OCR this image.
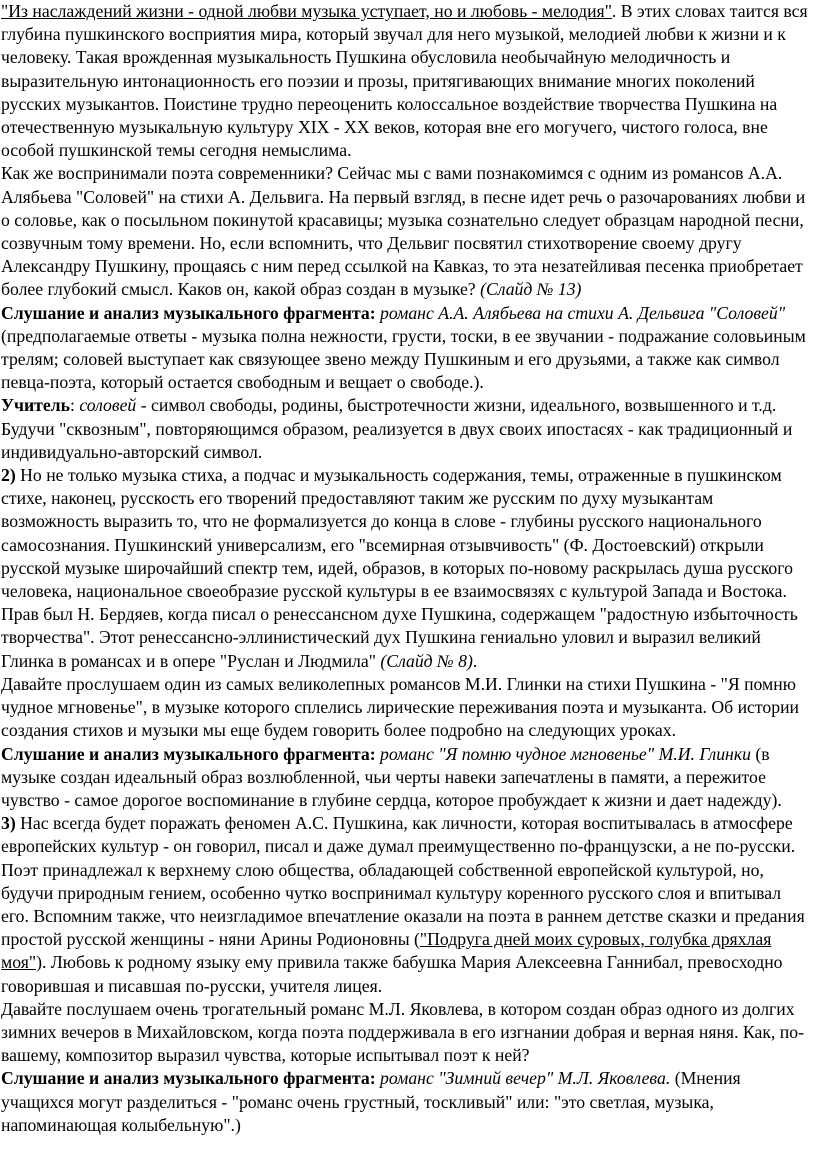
"Из наслаждений жизни - одной любви музыка уступает, но и любовь - мелодия". В этих словах таится вся глубина пушкинского восприятия мира, который звучал для него музыкой, мелодией любви к жизни и к человеку. Такая врожденная музыкальность Пушкина обусловила необычайную мелодичность и выразительную интонационность его поэзии и прозы, притягивающих внимание многих поколений русских музыкантов. Поистине трудно переоценить колоссальное воздействие творчества Пушкина на отечественную музыкальную культуру XIX - XX веков, которая вне его могучего, чистого голоса, вне особой пушкинской темы сегодня немыслима.

Как же воспринимали поэта современники? Сейчас мы с вами познакомимся с одним из романсов А.А. Алябьева "Соловей" на стихи А. Дельвига. На первый взгляд, в песне идет речь о разочарованиях любви и о соловье, как о посыльном покинутой красавицы; музыка сознательно следует образцам народной песни, созвучным тому времени. Но, если вспомнить, что Дельвиг посвятил стихотворение своему другу Александру Пушкину, прощаясь с ним перед ссылкой на Кавказ, то эта незатейливая песенка приобретает более глубокий смысл. Каков он, какой образ создан в музыке? (Слайд № 13)

Слушание и анализ музыкального фрагмента: романс А.А. Алябьева на стихи А. Дельвига "Соловей" (предполагаемые ответы - музыка полна нежности, грусти, тоски, в ее звучании - подражание соловьиным трелям; соловей выступает как связующее звено между Пушкиным и его друзьями, а также как символ певца-поэта, который остается свободным и вещает о свободе.).

Учитель: соловей - символ свободы, родины, быстротечности жизни, идеального, возвышенного и т.д. Будучи "сквозным", повторяющимся образом, реализуется в двух своих ипостасях - как традиционный и индивидуально-авторский символ.

2) Но не только музыка стиха, а подчас и музыкальность содержания, темы, отраженные в пушкинском стихе, наконец, русскость его творений предоставляют таким же русским по духу музыкантам возможность выразить то, что не формализуется до конца в слове - глубины русского национального самосознания. Пушкинский универсализм, его "всемирная отзывчивость" (Ф. Достоевский) открыли русской музыке широчайший спектр тем, идей, образов, в которых по-новому раскрылась душа русского человека, национальное своеобразие русской культуры в ее взаимосвязях с культурой Запада и Востока. Прав был Н. Бердяев, когда писал о ренессансном духе Пушкина, содержащем "радостную избыточность творчества". Этот ренессансно-эллинистический дух Пушкина гениально уловил и выразил великий Глинка в романсах и в опере "Руслан и Людмила" (Слайд № 8).

Давайте прослушаем один из самых великолепных романсов М.И. Глинки на стихи Пушкина - "Я помню чудное мгновенье", в музыке которого сплелись лирические переживания поэта и музыканта. Об истории создания стихов и музыки мы еще будем говорить более подробно на следующих уроках.

Слушание и анализ музыкального фрагмента: романс "Я помню чудное мгновенье" М.И. Глинки (в музыке создан идеальный образ возлюбленной, чьи черты навеки запечатлены в памяти, а пережитое чувство - самое дорогое воспоминание в глубине сердца, которое пробуждает к жизни и дает надежду).

3) Нас всегда будет поражать феномен А.С. Пушкина, как личности, которая воспитывалась в атмосфере европейских культур - он говорил, писал и даже думал преимущественно по-французски, а не по-русски. Поэт принадлежал к верхнему слою общества, обладающей собственной европейской культурой, но, будучи природным гением, особенно чутко воспринимал культуру коренного русского слоя и впитывал его. Вспомним также, что неизгладимое впечатление оказали на поэта в раннем детстве сказки и предания простой русской женщины - няни Арины Родионовны ("Подруга дней моих суровых, голубка дряхлая моя"). Любовь к родному языку ему привила также бабушка Мария Алексеевна Ганнибал, превосходно говорившая и писавшая по-русски, учителя лицея.

Давайте послушаем очень трогательный романс М.Л. Яковлева, в котором создан образ одного из долгих зимних вечеров в Михайловском, когда поэта поддерживала в его изгнании добрая и верная няня. Как, по-вашему, композитор выразил чувства, которые испытывал поэт к ней?

Слушание и анализ музыкального фрагмента: романс "Зимний вечер" М.Л. Яковлева. (Мнения учащихся могут разделиться - "романс очень грустный, тоскливый" или: "это светлая, музыка, напоминающая колыбельную".)
